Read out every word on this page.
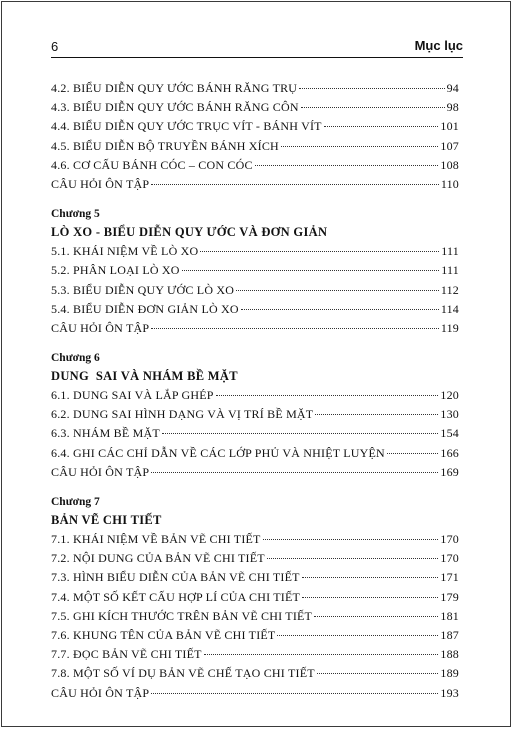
6	Mục lục
4.2. BIỂU DIỄN QUY ƯỚC BÁNH RĂNG TRỤ	94
4.3. BIỂU DIỄN QUY ƯỚC BÁNH RĂNG CÔN	98
4.4. BIỂU DIỄN QUY ƯỚC TRỤC VÍT - BÁNH VÍT	101
4.5. BIỂU DIỄN BỘ TRUYỀN BÁNH XÍCH	107
4.6. CƠ CẤU BÁNH CÓC – CON CÓC	108
CÂU HỎI ÔN TẬP	110
Chương 5
LÒ XO - BIỂU DIỄN QUY ƯỚC VÀ ĐƠN GIẢN
5.1. KHÁI NIỆM VỀ LÒ XO	111
5.2. PHÂN LOẠI LÒ XO	111
5.3. BIỂU DIỄN QUY ƯỚC LÒ XO	112
5.4. BIỂU DIỄN ĐƠN GIẢN LÒ XO	114
CÂU HỎI ÔN TẬP	119
Chương 6
DUNG  SAI VÀ NHÁM BỀ MẶT
6.1. DUNG SAI VÀ LẮP GHÉP	120
6.2. DUNG SAI HÌNH DẠNG VÀ VỊ TRÍ BỀ MẶT	130
6.3. NHÁM BỀ MẶT	154
6.4. GHI CÁC CHỈ DẪN VỀ CÁC LỚP PHỦ VÀ NHIỆT LUYỆN	166
CÂU HỎI ÔN TẬP	169
Chương 7
BẢN VẼ CHI TIẾT
7.1. KHÁI NIỆM VỀ BẢN VẼ CHI TIẾT	170
7.2. NỘI DUNG CỦA BẢN VẼ CHI TIẾT	170
7.3. HÌNH BIỂU DIỄN CỦA BẢN VẼ CHI TIẾT	171
7.4. MỘT SỐ KẾT CẤU HỢP LÍ CỦA CHI TIẾT	179
7.5. GHI KÍCH THƯỚC TRÊN BẢN VẼ CHI TIẾT	181
7.6. KHUNG TÊN CỦA BẢN VẼ CHI TIẾT	187
7.7. ĐỌC BẢN VẼ CHI TIẾT	188
7.8. MỘT SỐ VÍ DỤ BẢN VẼ CHẾ TẠO CHI TIẾT	189
CÂU HỎI ÔN TẬP	193
